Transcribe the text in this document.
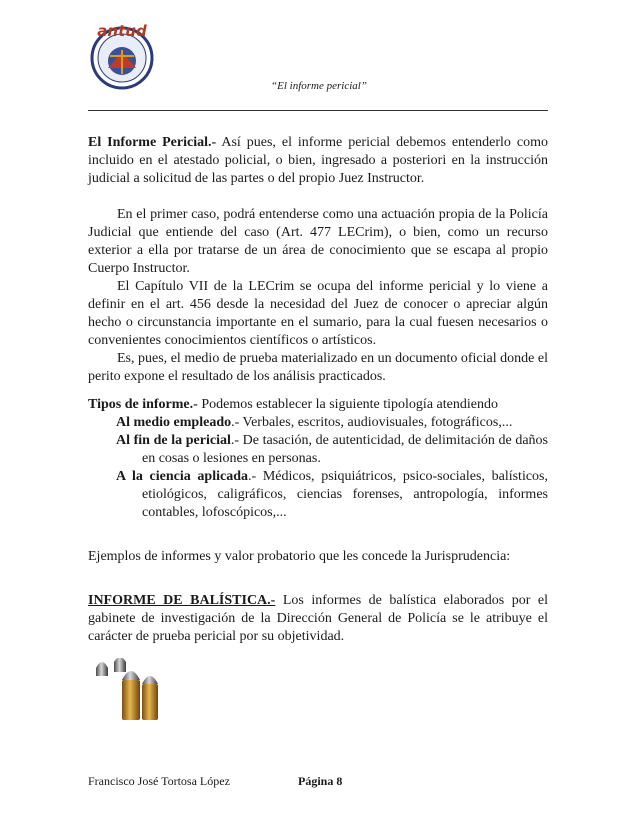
antud
“El informe pericial”

El Informe Pericial.- Así pues, el informe pericial debemos entenderlo como incluido en el atestado policial, o bien, ingresado a posteriori en la instrucción judicial a solicitud de las partes o del propio Juez Instructor.

En el primer caso, podrá entenderse como una actuación propia de la Policía Judicial que entiende del caso (Art. 477 LECrim), o bien, como un recurso exterior a ella por tratarse de un área de conocimiento que se escapa al propio Cuerpo Instructor.

El Capítulo VII de la LECrim se ocupa del informe pericial y lo viene a definir en el art. 456 desde la necesidad del Juez de conocer o apreciar algún hecho o circunstancia importante en el sumario, para la cual fuesen necesarios o convenientes conocimientos científicos o artísticos.

Es, pues, el medio de prueba materializado en un documento oficial donde el perito expone el resultado de los análisis practicados.

Tipos de informe.- Podemos establecer la siguiente tipología atendiendo

Al medio empleado.- Verbales, escritos, audiovisuales, fotográficos,...

Al fin de la pericial.- De tasación, de autenticidad, de delimitación de daños en cosas o lesiones en personas.

A la ciencia aplicada.- Médicos, psiquiátricos, psico-sociales, balísticos, etiológicos, caligráficos, ciencias forenses, antropología, informes contables, lofoscópicos,...

Ejemplos de informes y valor probatorio que les concede la Jurisprudencia:

INFORME DE BALÍSTICA.- Los informes de balística elaborados por el gabinete de investigación de la Dirección General de Policía se le atribuye el carácter de prueba pericial por su objetividad.

Francisco José Tortosa López	Página 8
